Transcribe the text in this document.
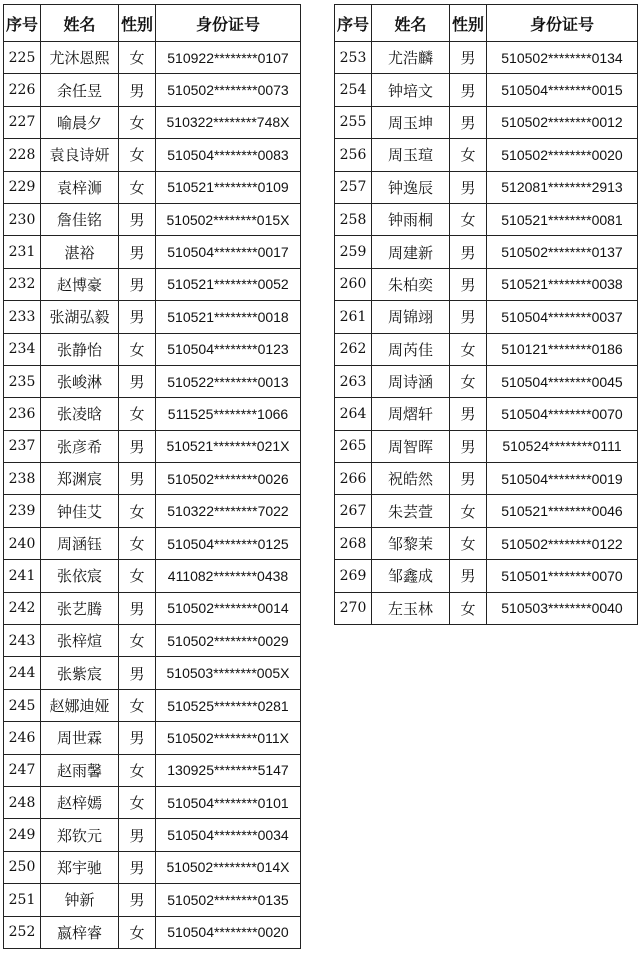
序号	姓名	性别	身份证号
225	尤沐恩熙	女	510922********0107
226	余任昱	男	510502********0073
227	喻晨夕	女	510322********748X
228	袁良诗妍	女	510504********0083
229	袁梓浉	女	510521********0109
230	詹佳铭	男	510502********015X
231	湛裕	男	510504********0017
232	赵博豪	男	510521********0052
233	张湖弘毅	男	510521********0018
234	张静怡	女	510504********0123
235	张峻淋	男	510522********0013
236	张凌晗	女	511525********1066
237	张彦希	男	510521********021X
238	郑渊宸	男	510502********0026
239	钟佳艾	女	510322********7022
240	周涵钰	女	510504********0125
241	张依宸	女	411082********0438
242	张艺腾	男	510502********0014
243	张梓煊	女	510502********0029
244	张紫宸	男	510503********005X
245	赵娜迪娅	女	510525********0281
246	周世霖	男	510502********011X
247	赵雨馨	女	130925********5147
248	赵梓嫣	女	510504********0101
249	郑钦元	男	510504********0034
250	郑宇驰	男	510502********014X
251	钟新	男	510502********0135
252	嬴梓睿	女	510504********0020
序号	姓名	性别	身份证号
253	尤浩麟	男	510502********0134
254	钟培文	男	510504********0015
255	周玉坤	男	510502********0012
256	周玉瑄	女	510502********0020
257	钟逸辰	男	512081********2913
258	钟雨桐	女	510521********0081
259	周建新	男	510502********0137
260	朱柏奕	男	510521********0038
261	周锦翊	男	510504********0037
262	周芮佳	女	510121********0186
263	周诗涵	女	510504********0045
264	周熠轩	男	510504********0070
265	周智晖	男	510524********0111
266	祝皓然	男	510504********0019
267	朱芸萱	女	510521********0046
268	邹黎茉	女	510502********0122
269	邹鑫成	男	510501********0070
270	左玉林	女	510503********0040
